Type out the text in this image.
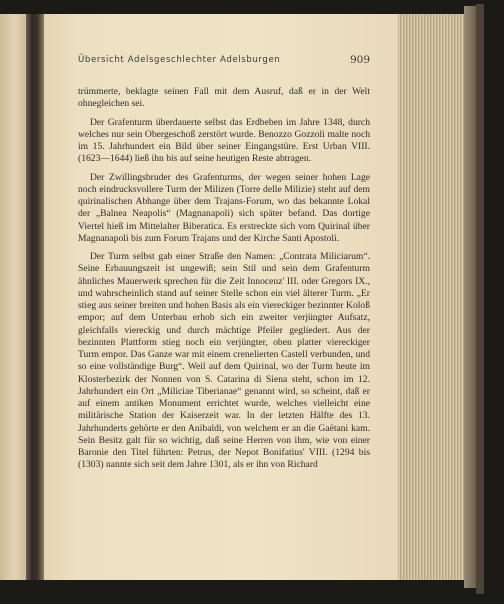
Übersicht Adelsgeschlechter Adelsburgen	909

trümmerte, beklagte seinen Fall mit dem Ausruf, daß er in der Welt ohnegleichen sei.

Der Grafenturm überdauerte selbst das Erdbeben im Jahre 1348, durch welches nur sein Obergeschoß zerstört wurde. Benozzo Gozzoli malte noch im 15. Jahrhundert ein Bild über seiner Eingangstüre. Erst Urban VIII. (1623—1644) ließ ihn bis auf seine heutigen Reste abtragen.

Der Zwillingsbruder des Grafenturms, der wegen seiner hohen Lage noch eindrucksvollere Turm der Milizen (Torre delle Milizie) steht auf dem quirinalischen Abhange über dem Trajans-Forum, wo das bekannte Lokal der „Balnea Neapolis“ (Magnanapoli) sich später befand. Das dortige Viertel hieß im Mittelalter Biberatica. Es erstreckte sich vom Quirinal über Magnanapoli bis zum Forum Trajans und der Kirche Santi Apostoli.

Der Turm selbst gab einer Straße den Namen: „Contrata Miliciarum“. Seine Erbauungszeit ist ungewiß; sein Stil und sein dem Grafenturm ähnliches Mauerwerk sprechen für die Zeit Innocenz' III. oder Gregors IX., und wahrscheinlich stand auf seiner Stelle schon ein viel älterer Turm. „Er stieg aus seiner breiten und hohen Basis als ein viereckiger bezinnter Koloß empor; auf dem Unterbau erhob sich ein zweiter verjüngter Aufsatz, gleichfalls viereckig und durch mächtige Pfeiler gegliedert. Aus der bezinnten Plattform stieg noch ein verjüngter, oben platter viereckiger Turm empor. Das Ganze war mit einem crenelierten Castell verbunden, und so eine vollständige Burg“. Weil auf dem Quirinal, wo der Turm heute im Klosterbezirk der Nonnen von S. Catarina di Siena steht, schon im 12. Jahrhundert ein Ort „Miliciae Tiberianae“ genannt wird, so scheint, daß er auf einem antiken Monument errichtet wurde, welches vielleicht eine militärische Station der Kaiserzeit war. In der letzten Hälfte des 13. Jahrhunderts gehörte er den Anibaldi, von welchem er an die Gaëtani kam. Sein Besitz galt für so wichtig, daß seine Herren von ihm, wie von einer Baronie den Titel führten: Petrus, der Nepot Bonifatius' VIII. (1294 bis (1303) nannte sich seit dem Jahre 1301, als er ihn von Richard
